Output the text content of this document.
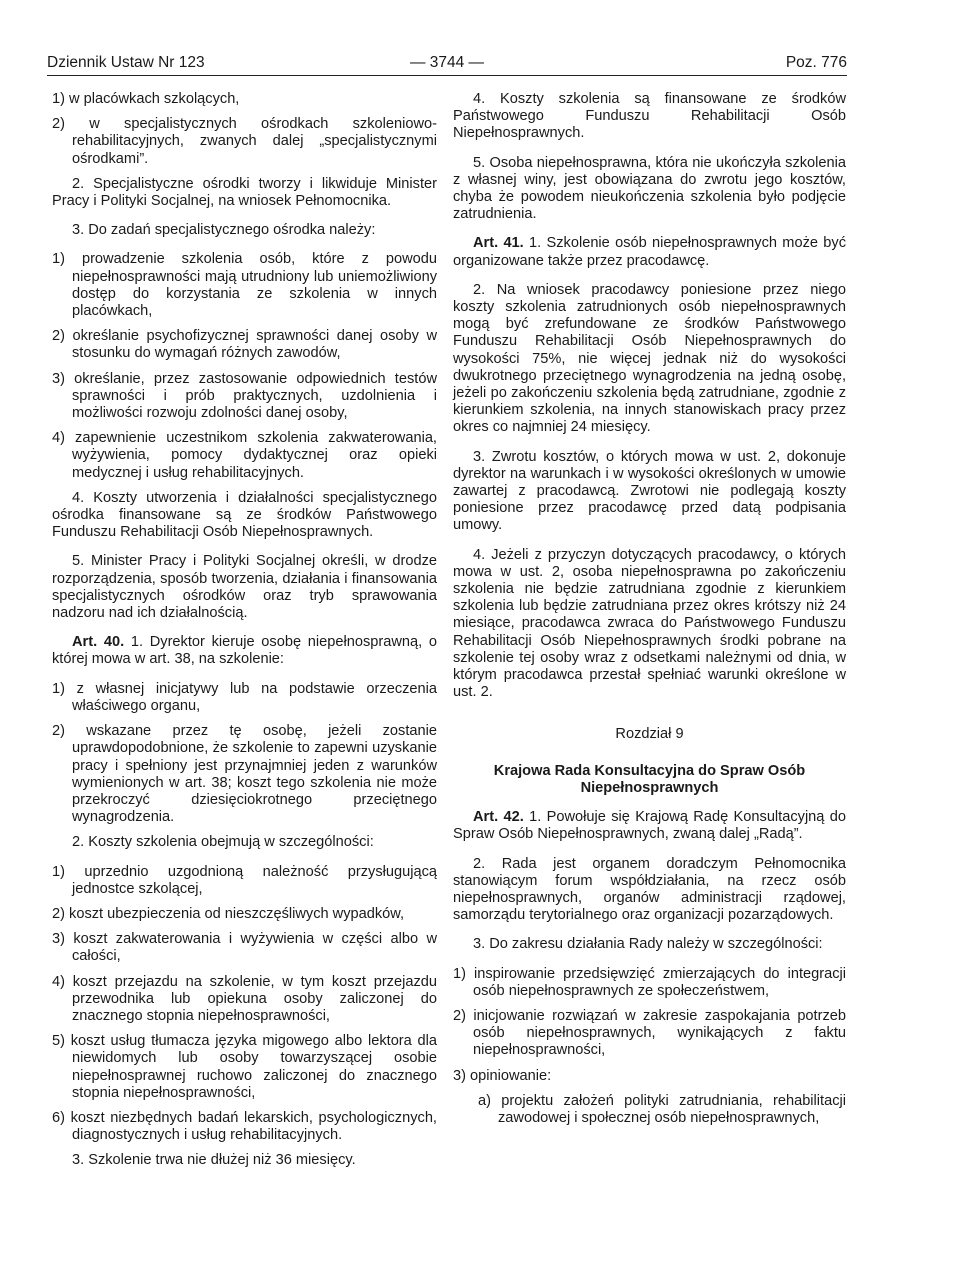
Dziennik Ustaw Nr 123	— 3744 —	Poz. 776

1) w placówkach szkolących,

2) w specjalistycznych ośrodkach szkoleniowo-rehabilitacyjnych, zwanych dalej „specjalistycznymi ośrodkami”.

2. Specjalistyczne ośrodki tworzy i likwiduje Minister Pracy i Polityki Socjalnej, na wniosek Pełnomocnika.

3. Do zadań specjalistycznego ośrodka należy:

1) prowadzenie szkolenia osób, które z powodu niepełnosprawności mają utrudniony lub uniemożliwiony dostęp do korzystania ze szkolenia w innych placówkach,

2) określanie psychofizycznej sprawności danej osoby w stosunku do wymagań różnych zawodów,

3) określanie, przez zastosowanie odpowiednich testów sprawności i prób praktycznych, uzdolnienia i możliwości rozwoju zdolności danej osoby,

4) zapewnienie uczestnikom szkolenia zakwaterowania, wyżywienia, pomocy dydaktycznej oraz opieki medycznej i usług rehabilitacyjnych.

4. Koszty utworzenia i działalności specjalistycznego ośrodka finansowane są ze środków Państwowego Funduszu Rehabilitacji Osób Niepełnosprawnych.

5. Minister Pracy i Polityki Socjalnej określi, w drodze rozporządzenia, sposób tworzenia, działania i finansowania specjalistycznych ośrodków oraz tryb sprawowania nadzoru nad ich działalnością.

Art. 40. 1. Dyrektor kieruje osobę niepełnosprawną, o której mowa w art. 38, na szkolenie:

1) z własnej inicjatywy lub na podstawie orzeczenia właściwego organu,

2) wskazane przez tę osobę, jeżeli zostanie uprawdopodobnione, że szkolenie to zapewni uzyskanie pracy i spełniony jest przynajmniej jeden z warunków wymienionych w art. 38; koszt tego szkolenia nie może przekroczyć dziesięciokrotnego przeciętnego wynagrodzenia.

2. Koszty szkolenia obejmują w szczególności:

1) uprzednio uzgodnioną należność przysługującą jednostce szkolącej,

2) koszt ubezpieczenia od nieszczęśliwych wypadków,

3) koszt zakwaterowania i wyżywienia w części albo w całości,

4) koszt przejazdu na szkolenie, w tym koszt przejazdu przewodnika lub opiekuna osoby zaliczonej do znacznego stopnia niepełnosprawności,

5) koszt usług tłumacza języka migowego albo lektora dla niewidomych lub osoby towarzyszącej osobie niepełnosprawnej ruchowo zaliczonej do znacznego stopnia niepełnosprawności,

6) koszt niezbędnych badań lekarskich, psychologicznych, diagnostycznych i usług rehabilitacyjnych.

3. Szkolenie trwa nie dłużej niż 36 miesięcy.

4. Koszty szkolenia są finansowane ze środków Państwowego Funduszu Rehabilitacji Osób Niepełnosprawnych.

5. Osoba niepełnosprawna, która nie ukończyła szkolenia z własnej winy, jest obowiązana do zwrotu jego kosztów, chyba że powodem nieukończenia szkolenia było podjęcie zatrudnienia.

Art. 41. 1. Szkolenie osób niepełnosprawnych może być organizowane także przez pracodawcę.

2. Na wniosek pracodawcy poniesione przez niego koszty szkolenia zatrudnionych osób niepełnosprawnych mogą być zrefundowane ze środków Państwowego Funduszu Rehabilitacji Osób Niepełnosprawnych do wysokości 75%, nie więcej jednak niż do wysokości dwukrotnego przeciętnego wynagrodzenia na jedną osobę, jeżeli po zakończeniu szkolenia będą zatrudniane, zgodnie z kierunkiem szkolenia, na innych stanowiskach pracy przez okres co najmniej 24 miesięcy.

3. Zwrotu kosztów, o których mowa w ust. 2, dokonuje dyrektor na warunkach i w wysokości określonych w umowie zawartej z pracodawcą. Zwrotowi nie podlegają koszty poniesione przez pracodawcę przed datą podpisania umowy.

4. Jeżeli z przyczyn dotyczących pracodawcy, o których mowa w ust. 2, osoba niepełnosprawna po zakończeniu szkolenia nie będzie zatrudniana zgodnie z kierunkiem szkolenia lub będzie zatrudniana przez okres krótszy niż 24 miesiące, pracodawca zwraca do Państwowego Funduszu Rehabilitacji Osób Niepełnosprawnych środki pobrane na szkolenie tej osoby wraz z odsetkami należnymi od dnia, w którym pracodawca przestał spełniać warunki określone w ust. 2.

Rozdział 9
Krajowa Rada Konsultacyjna do Spraw Osób Niepełnosprawnych

Art. 42. 1. Powołuje się Krajową Radę Konsultacyjną do Spraw Osób Niepełnosprawnych, zwaną dalej „Radą”.

2. Rada jest organem doradczym Pełnomocnika stanowiącym forum współdziałania, na rzecz osób niepełnosprawnych, organów administracji rządowej, samorządu terytorialnego oraz organizacji pozarządowych.

3. Do zakresu działania Rady należy w szczególności:

1) inspirowanie przedsięwzięć zmierzających do integracji osób niepełnosprawnych ze społeczeństwem,

2) inicjowanie rozwiązań w zakresie zaspokajania potrzeb osób niepełnosprawnych, wynikających z faktu niepełnosprawności,

3) opiniowanie:

a) projektu założeń polityki zatrudniania, rehabilitacji zawodowej i społecznej osób niepełnosprawnych,
